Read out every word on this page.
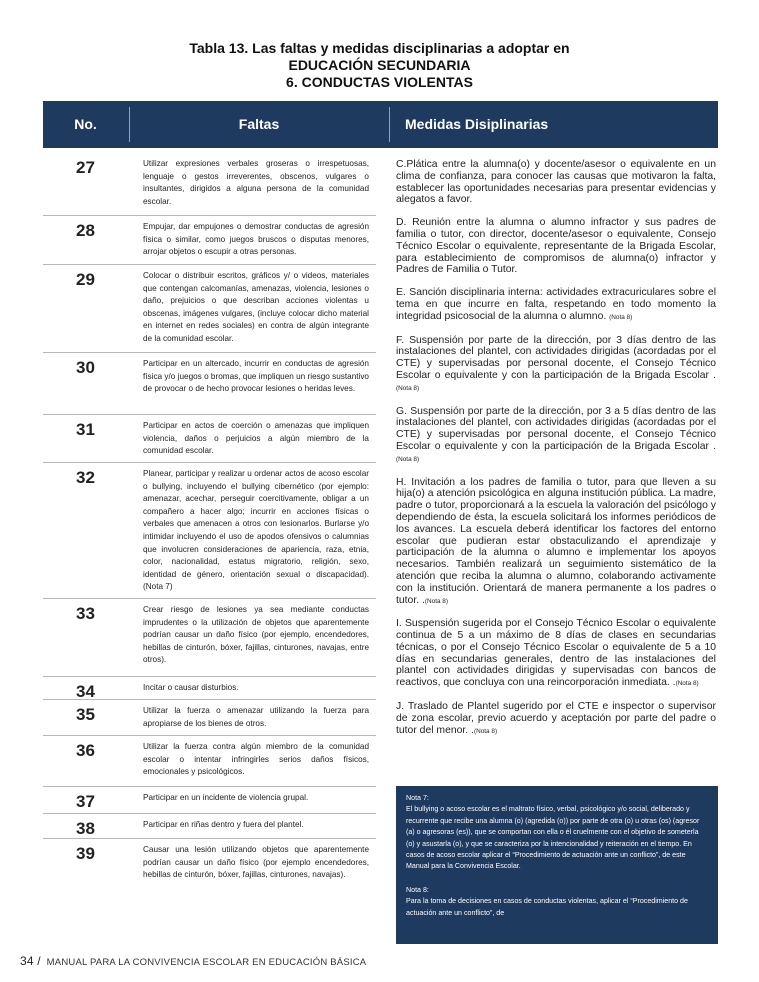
Tabla 13. Las faltas y medidas disciplinarias a adoptar en
EDUCACIÓN SECUNDARIA
6. CONDUCTAS VIOLENTAS
No.	Faltas	Medidas Disiplinarias
27	Utilizar expresiones verbales groseras o irrespetuosas, lenguaje o gestos irreverentes, obscenos, vulgares o insultantes, dirigidos a alguna persona de la comunidad escolar.
28	Empujar, dar empujones o demostrar conductas de agresión física o similar, como juegos bruscos o disputas menores, arrojar objetos o escupir a otras personas.
29	Colocar o distribuir escritos, gráficos y/ o videos, materiales que contengan calcomanías, amenazas, violencia, lesiones o daño, prejuicios o que describan acciones violentas u obscenas, imágenes vulgares, (incluye colocar dicho material en internet en redes sociales) en contra de algún integrante de la comunidad escolar.
30	Participar en un altercado, incurrir en conductas de agresión física y/o juegos o bromas, que impliquen un riesgo sustantivo de provocar o de hecho provocar lesiones o heridas leves.
31	Participar en actos de coerción o amenazas que impliquen violencia, daños o perjuicios a algún miembro de la comunidad escolar.
32	Planear, participar y realizar u ordenar actos de acoso escolar o bullying, incluyendo el bullying cibernético (por ejemplo: amenazar, acechar, perseguir coercitivamente, obligar a un compañero a hacer algo; incurrir en acciones físicas o verbales que amenacen a otros con lesionarlos. Burlarse y/o intimidar incluyendo el uso de apodos ofensivos o calumnias que involucren consideraciones de apariencia, raza, etnia, color, nacionalidad, estatus migratorio, religión, sexo, identidad de género, orientación sexual o discapacidad). (Nota 7)
33	Crear riesgo de lesiones ya sea mediante conductas imprudentes o la utilización de objetos que aparentemente podrían causar un daño físico (por ejemplo, encendedores, hebillas de cinturón, bóxer, fajillas, cinturones, navajas, entre otros).
34	Incitar o causar disturbios.
35	Utilizar la fuerza o amenazar utilizando la fuerza para apropiarse de los bienes de otros.
36	Utilizar la fuerza contra algún miembro de la comunidad escolar o intentar infringirles serios daños físicos, emocionales y psicológicos.
37	Participar en un incidente de violencia grupal.
38	Participar en riñas dentro y fuera del plantel.
39	Causar una lesión utilizando objetos que aparentemente podrían causar un daño físico (por ejemplo encendedores, hebillas de cinturón, bóxer, fajillas, cinturones, navajas).

C.Plática entre la alumna(o) y docente/asesor o equivalente en un clima de confianza, para conocer las causas que motivaron la falta, establecer las oportunidades necesarias para presentar evidencias y alegatos a favor.

D. Reunión entre la alumna o alumno infractor y sus padres de familia o tutor, con director, docente/asesor o equivalente, Consejo Técnico Escolar o equivalente, representante de la Brigada Escolar, para establecimiento de compromisos de alumna(o) infractor y Padres de Familia o Tutor.

E. Sanción disciplinaria interna: actividades extracuriculares sobre el tema en que incurre en falta, respetando en todo momento la integridad psicosocial de la alumna o alumno. (Nota 8)

F. Suspensión por parte de la dirección, por 3 días dentro de las instalaciones del plantel, con actividades dirigidas (acordadas por el CTE) y supervisadas por personal docente, el Consejo Técnico Escolar o equivalente y con la participación de la Brigada Escolar .(Nota 8)

G. Suspensión por parte de la dirección, por 3 a 5 días dentro de las instalaciones del plantel, con actividades dirigidas (acordadas por el CTE) y supervisadas por personal docente, el Consejo Técnico Escolar o equivalente y con la participación de la Brigada Escolar .(Nota 8)

H. Invitación a los padres de familia o tutor, para que lleven a su hija(o) a atención psicológica en alguna institución pública. La madre, padre o tutor, proporcionará a la escuela la valoración del psicólogo y dependiendo de ésta, la escuela solicitará los informes periódicos de los avances. La escuela deberá identificar los factores del entorno escolar que pudieran estar obstaculizando el aprendizaje y participación de la alumna o alumno e implementar los apoyos necesarios. También realizará un seguimiento sistemático de la atención que reciba la alumna o alumno, colaborando activamente con la institución. Orientará de manera permanente a los padres o tutor. .(Nota 8)

I. Suspensión sugerida por el Consejo Técnico Escolar o equivalente continua de 5 a un máximo de 8 días de clases en secundarias técnicas, o por el Consejo Técnico Escolar o equivalente de 5 a 10 días en secundarias generales, dentro de las instalaciones del plantel con actividades dirigidas y supervisadas con bancos de reactivos, que concluya con una reincorporación inmediata. .(Nota 8)

J. Traslado de Plantel sugerido por el CTE e inspector o supervisor de zona escolar, previo acuerdo y aceptación por parte del padre o tutor del menor. .(Nota 8)

Nota 7:

El bullying o acoso escolar es el maltrato físico, verbal, psicológico y/o social, deliberado y recurrente que recibe una alumna (o) (agredida (o)) por parte de otra (o) u otras (os) (agresor (a) o agresoras (es)), que se comportan con ella o él cruelmente con el objetivo de someterla (o) y asustarla (o), y que se caracteriza por la intencionalidad y reiteración en el tiempo. En casos de acoso escolar aplicar el “Procedimiento de actuación ante un conflicto”, de este Manual para la Convivencia Escolar.

Nota 8:

Para la toma de decisiones en casos de conductas violentas, aplicar el “Procedimiento de actuación ante un conflicto”, de

34 / MANUAL PARA LA CONVIVENCIA ESCOLAR EN EDUCACIÓN BÁSICA
